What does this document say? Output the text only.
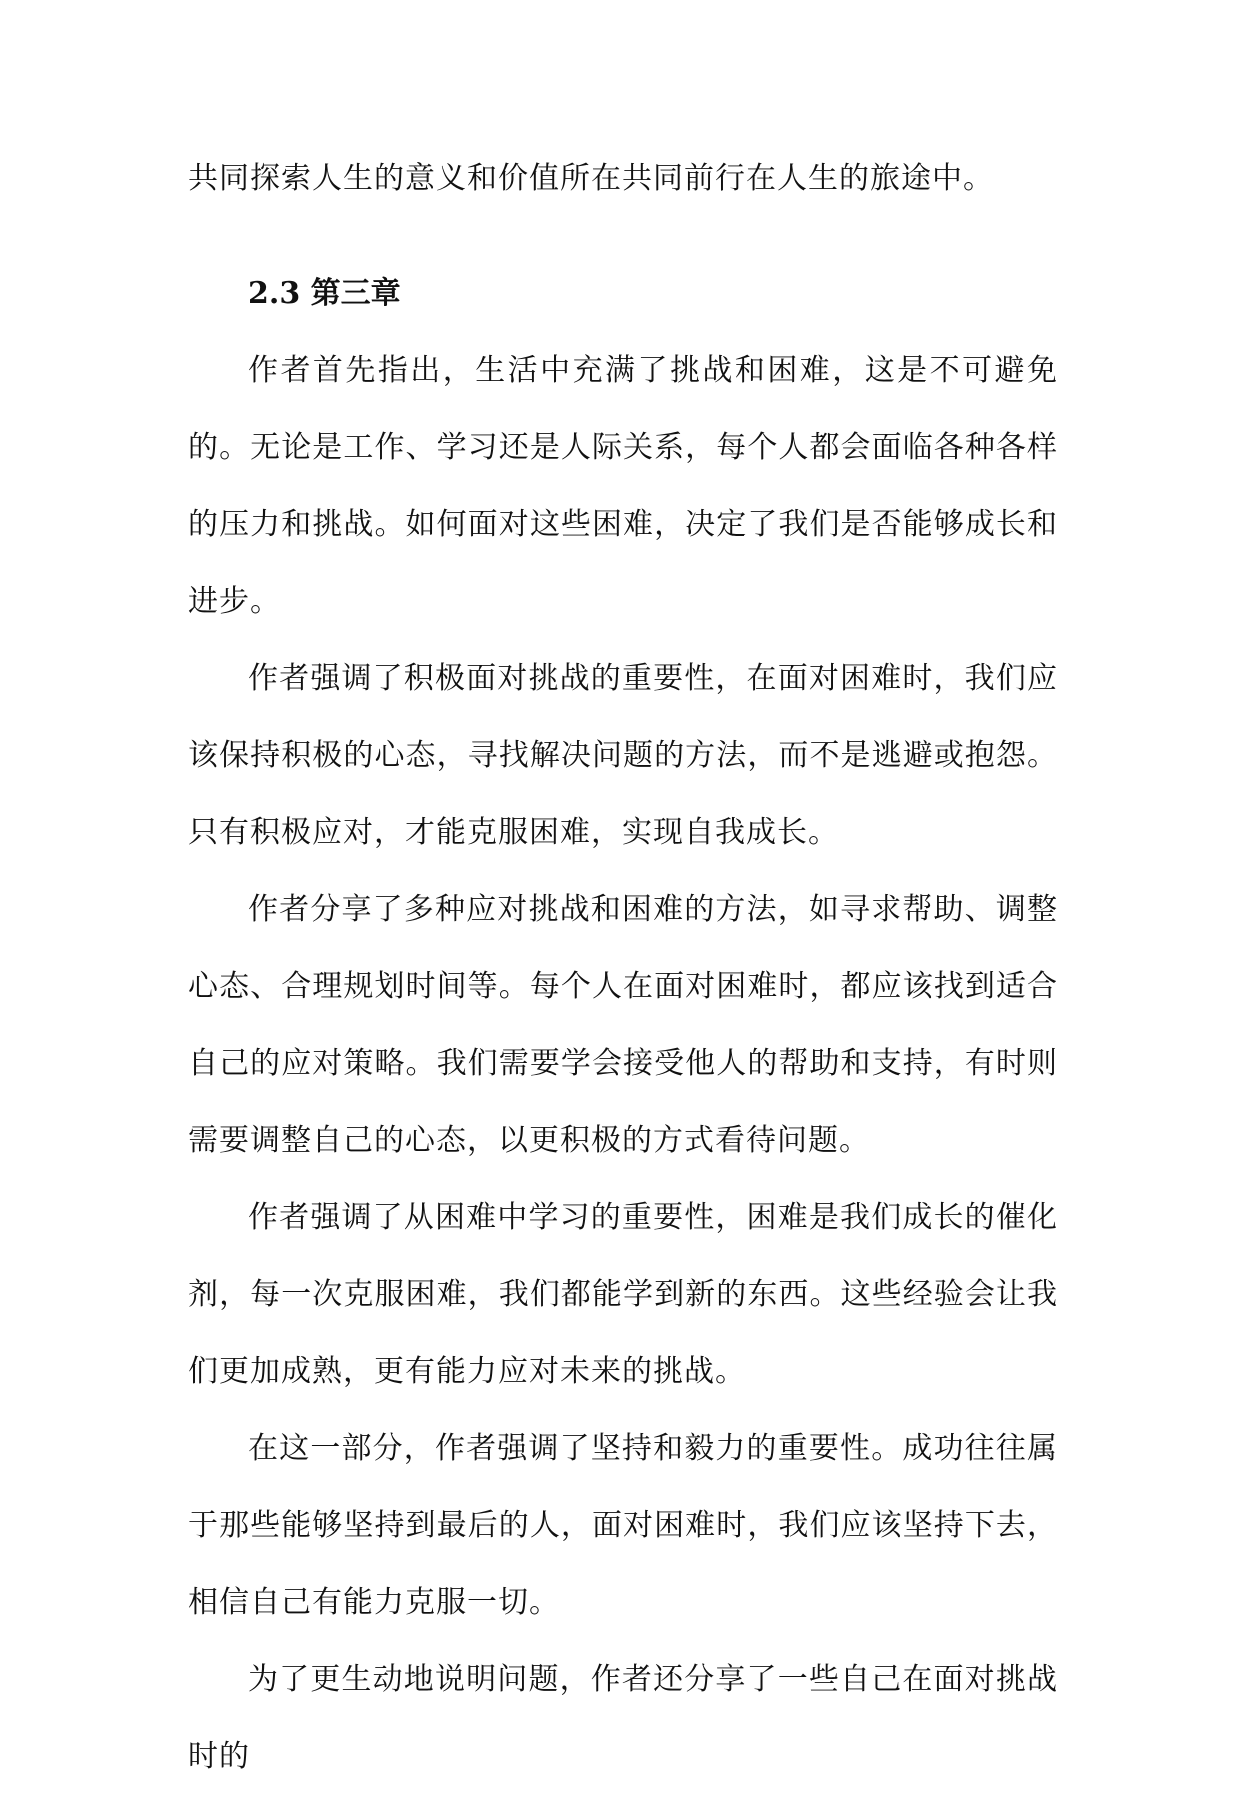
共同探索人生的意义和价值所在共同前行在人生的旅途中。

2.3 第三章

作者首先指出，生活中充满了挑战和困难，这是不可避免的。无论是工作、学习还是人际关系，每个人都会面临各种各样的压力和挑战。如何面对这些困难，决定了我们是否能够成长和进步。

作者强调了积极面对挑战的重要性，在面对困难时，我们应该保持积极的心态，寻找解决问题的方法，而不是逃避或抱怨。只有积极应对，才能克服困难，实现自我成长。

作者分享了多种应对挑战和困难的方法，如寻求帮助、调整心态、合理规划时间等。每个人在面对困难时，都应该找到适合自己的应对策略。我们需要学会接受他人的帮助和支持，有时则需要调整自己的心态，以更积极的方式看待问题。

作者强调了从困难中学习的重要性，困难是我们成长的催化剂，每一次克服困难，我们都能学到新的东西。这些经验会让我们更加成熟，更有能力应对未来的挑战。

在这一部分，作者强调了坚持和毅力的重要性。成功往往属于那些能够坚持到最后的人，面对困难时，我们应该坚持下去，相信自己有能力克服一切。

为了更生动地说明问题，作者还分享了一些自己在面对挑战时的
